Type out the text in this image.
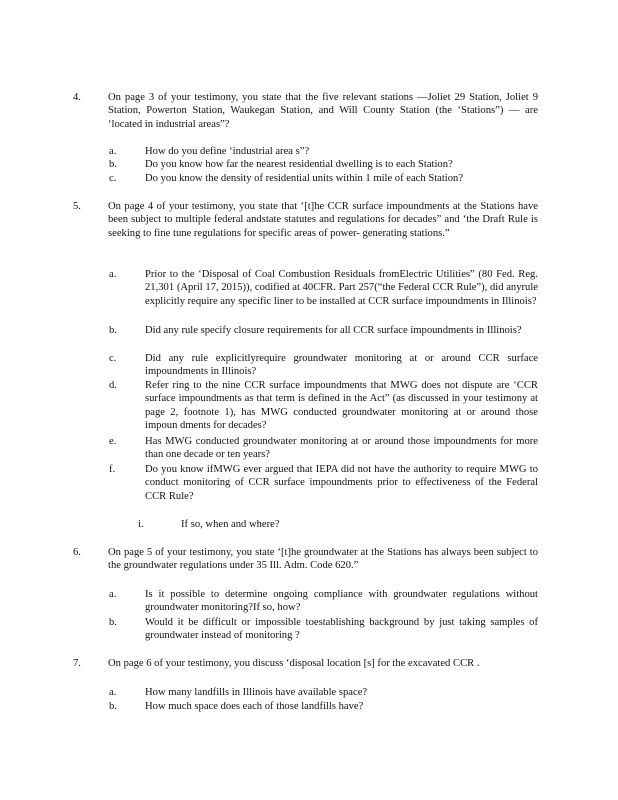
4.	On page 3 of your testimony, you state that the five relevant stations —Joliet 29 Station, Joliet 9 Station, Powerton Station, Waukegan Station, and Will County Station (the ‘Stations”) — are ‘located in industrial areas”?
a.	How do you define ‘industrial area s”?
b.	Do you know how far the nearest residential dwelling is to each Station?
c.	Do you know the density of residential units within 1 mile of each Station?
5.	On page 4 of your testimony, you state that ‘[t]he CCR surface impoundments at the Stations have been subject to multiple federal andstate statutes and regulations for decades” and ‘the Draft Rule is seeking to fine tune regulations for specific areas of power- generating stations.”
a.	Prior to the ‘Disposal of Coal Combustion Residuals fromElectric Utilities” (80 Fed. Reg. 21,301 (April 17, 2015)), codified at 40CFR. Part 257(“the Federal CCR Rule”), did anyrule explicitly require any specific liner to be installed at CCR surface impoundments in Illinois?
b.	Did any rule specify closure requirements for all CCR surface impoundments in Illinois?
c.	Did any rule explicitlyrequire groundwater monitoring at or around CCR surface impoundments in Illinois?
d.	Refer ring to the nine CCR surface impoundments that MWG does not dispute are ‘CCR surface impoundments as that term is defined in the Act” (as discussed in your testimony at page 2, footnote 1), has MWG conducted groundwater monitoring at or around those impoun dments for decades?
e.	Has MWG conducted groundwater monitoring at or around those impoundments for more than one decade or ten years?
f.	Do you know ifMWG ever argued that IEPA did not have the authority to require MWG to conduct monitoring of CCR surface impoundments prior to effectiveness of the Federal CCR Rule?
i.	If so, when and where?
6.	On page 5 of your testimony, you state ‘[t]he groundwater at the Stations has always been subject to the groundwater regulations under 35 Ill. Adm. Code 620.”
a.	Is it possible to determine ongoing compliance with groundwater regulations without groundwater monitoring?If so, how?
b.	Would it be difficult or impossible toestablishing background by just taking samples of groundwater instead of monitoring ?
7.	On page 6 of your testimony, you discuss ‘disposal location [s] for the excavated CCR .
a.	How many landfills in Illinois have available space?
b.	How much space does each of those landfills have?
